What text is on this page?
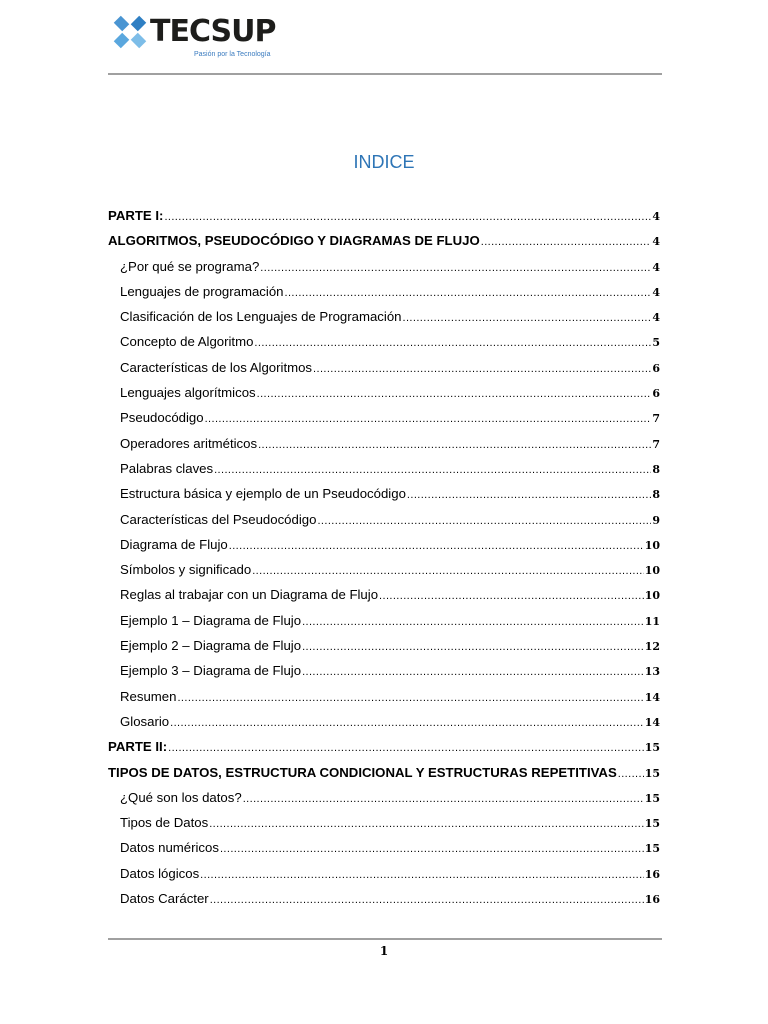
TECSUP
Pasión por la Tecnología
INDICE
PARTE I: .....	4
ALGORITMOS, PSEUDOCÓDIGO Y DIAGRAMAS DE FLUJO .....	4
¿Por qué se programa? .....	4
Lenguajes de programación .....	4
Clasificación de los Lenguajes de Programación .....	4
Concepto de Algoritmo .....	5
Características de los Algoritmos .....	6
Lenguajes algorítmicos .....	6
Pseudocódigo .....	7
Operadores aritméticos .....	7
Palabras claves .....	8
Estructura básica y ejemplo de un Pseudocódigo .....	8
Características del Pseudocódigo .....	9
Diagrama de Flujo .....	10
Símbolos y significado .....	10
Reglas al trabajar con un Diagrama de Flujo .....	10
Ejemplo 1 – Diagrama de Flujo .....	11
Ejemplo 2 – Diagrama de Flujo .....	12
Ejemplo 3 – Diagrama de Flujo .....	13
Resumen .....	14
Glosario .....	14
PARTE II: .....	15
TIPOS DE DATOS, ESTRUCTURA CONDICIONAL Y ESTRUCTURAS REPETITIVAS .....	15
¿Qué son los datos? .....	15
Tipos de Datos .....	15
Datos numéricos .....	15
Datos lógicos .....	16
Datos Carácter .....	16
1
